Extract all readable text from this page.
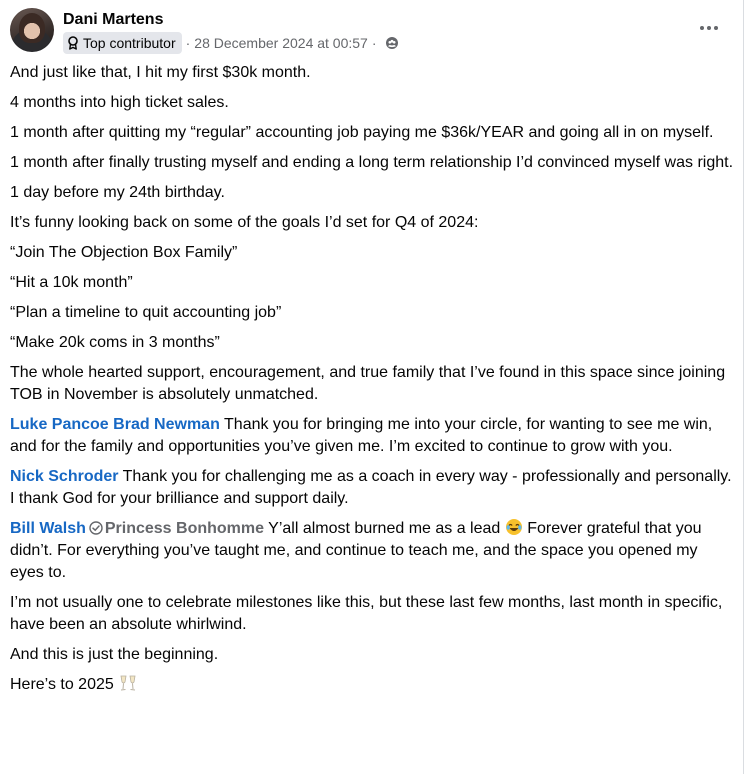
Dani Martens
Top contributor · 28 December 2024 at 00:57 ·

And just like that, I hit my first $30k month.

4 months into high ticket sales.

1 month after quitting my “regular” accounting job paying me $36k/YEAR and going all in on myself.

1 month after finally trusting myself and ending a long term relationship I’d convinced myself was right.

1 day before my 24th birthday.

It’s funny looking back on some of the goals I’d set for Q4 of 2024:

“Join The Objection Box Family”

“Hit a 10k month”

“Plan a timeline to quit accounting job”

“Make 20k coms in 3 months”

The whole hearted support, encouragement, and true family that I’ve found in this space since joining TOB in November is absolutely unmatched.

Luke Pancoe Brad Newman Thank you for bringing me into your circle, for wanting to see me win, and for the family and opportunities you’ve given me. I’m excited to continue to grow with you.

Nick Schroder Thank you for challenging me as a coach in every way - professionally and personally. I thank God for your brilliance and support daily.

Bill Walsh Princess Bonhomme Y’all almost burned me as a lead  Forever grateful that you didn’t. For everything you’ve taught me, and continue to teach me, and the space you opened my eyes to.

I’m not usually one to celebrate milestones like this, but these last few months, last month in specific, have been an absolute whirlwind.

And this is just the beginning.

Here’s to 2025
